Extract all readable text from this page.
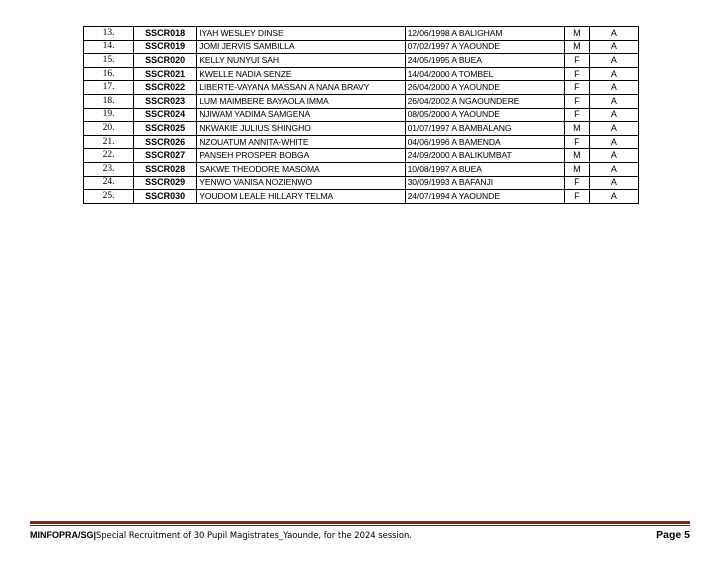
13.	SSCR018	IYAH WESLEY DINSE	12/06/1998 A BALIGHAM	M	A
14.	SSCR019	JOMI JERVIS SAMBILLA	07/02/1997 A YAOUNDE	M	A
15.	SSCR020	KELLY NUNYUI SAH	24/05/1995 A BUEA	F	A
16.	SSCR021	KWELLE NADIA SENZE	14/04/2000 A TOMBEL	F	A
17.	SSCR022	LIBERTE-VAYANA MASSAN A NANA BRAVY	26/04/2000 A YAOUNDE	F	A
18.	SSCR023	LUM MAIMBERE BAYAOLA IMMA	26/04/2002 A NGAOUNDERE	F	A
19.	SSCR024	NJIWAM YADIMA SAMGENA	08/05/2000 A YAOUNDE	F	A
20.	SSCR025	NKWAKIE JULIUS SHINGHO	01/07/1997 A BAMBALANG	M	A
21.	SSCR026	NZOUATUM ANNITA-WHITE	04/06/1996 A BAMENDA	F	A
22.	SSCR027	PANSEH PROSPER BOBGA	24/09/2000 A BALIKUMBAT	M	A
23.	SSCR028	SAKWE THEODORE MASOMA	10/08/1997 A BUEA	M	A
24.	SSCR029	YENWO VANISA NOZIENWO	30/09/1993 A BAFANJI	F	A
25.	SSCR030	YOUDOM LEALE HILLARY TELMA	24/07/1994 A YAOUNDE	F	A
MINFOPRA/SG|Special Recruitment of 30 Pupil Magistrates_Yaounde, for the 2024 session.	Page 5
